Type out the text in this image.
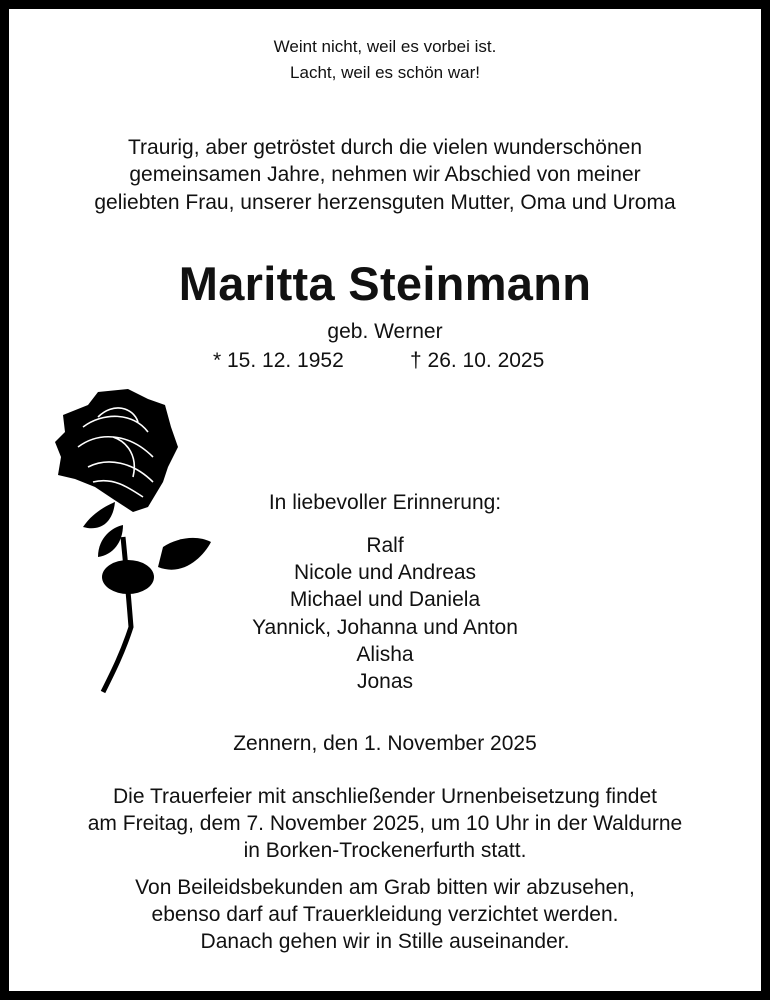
Weint nicht, weil es vorbei ist.
Lacht, weil es schön war!
Traurig, aber getröstet durch die vielen wunderschönen
gemeinsamen Jahre, nehmen wir Abschied von meiner
geliebten Frau, unserer herzensguten Mutter, Oma und Uroma
Maritta Steinmann
geb. Werner
* 15. 12. 1952	† 26. 10. 2025
In liebevoller Erinnerung:
Ralf
Nicole und Andreas
Michael und Daniela
Yannick, Johanna und Anton
Alisha
Jonas
Zennern, den 1. November 2025
Die Trauerfeier mit anschließender Urnenbeisetzung findet
am Freitag, dem 7. November 2025, um 10 Uhr in der Waldurne
in Borken-Trockenerfurth statt.
Von Beileidsbekunden am Grab bitten wir abzusehen,
ebenso darf auf Trauerkleidung verzichtet werden.
Danach gehen wir in Stille auseinander.
